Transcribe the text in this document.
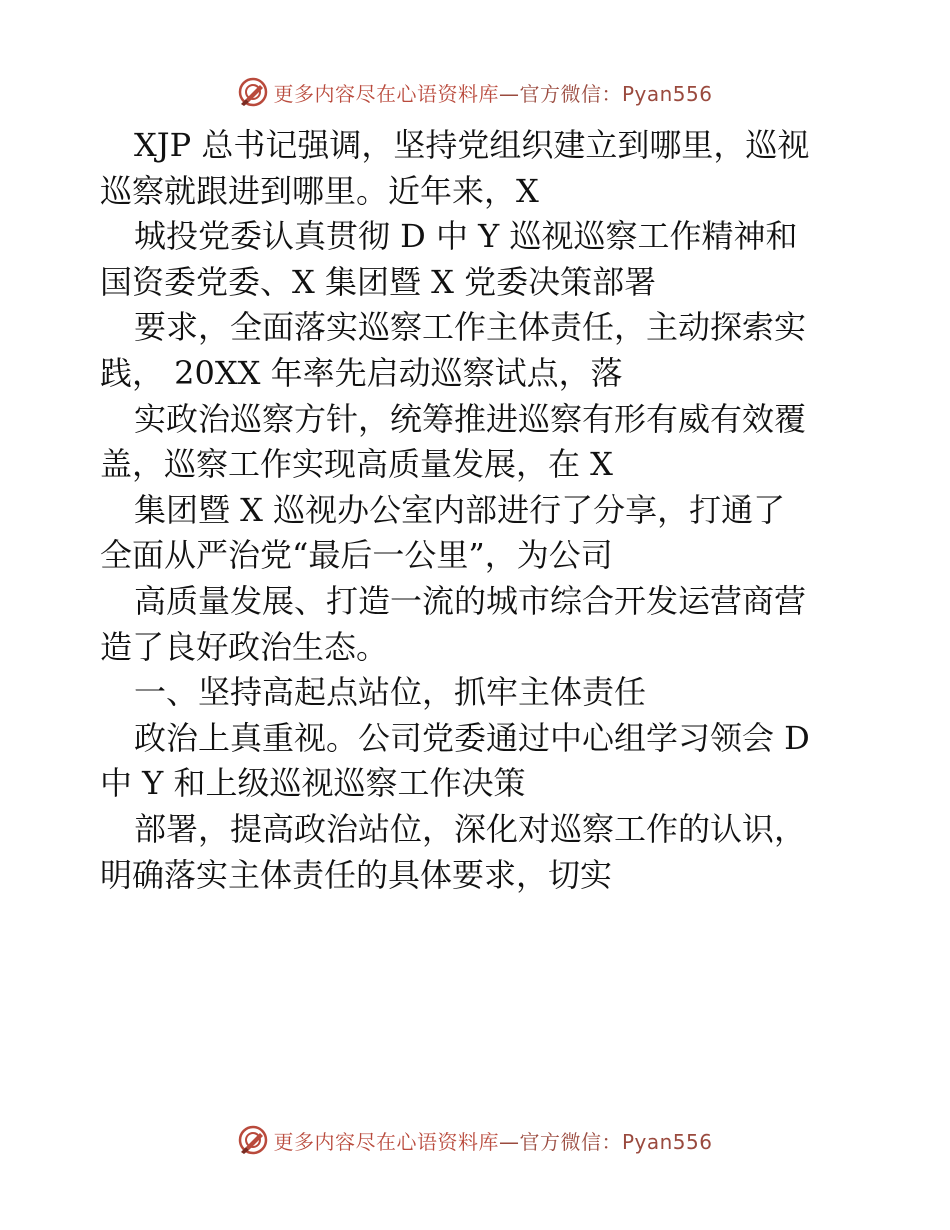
更多内容尽在心语资料库—官方微信：Pyan556
XJP 总书记强调，坚持党组织建立到哪里，巡视
巡察就跟进到哪里。近年来，X
城投党委认真贯彻 D 中 Y 巡视巡察工作精神和
国资委党委、X 集团暨 X 党委决策部署
要求，全面落实巡察工作主体责任，主动探索实
践， 20XX 年率先启动巡察试点，落
实政治巡察方针，统筹推进巡察有形有威有效覆
盖，巡察工作实现高质量发展，在 X
集团暨 X 巡视办公室内部进行了分享，打通了
全面从严治党“最后一公里”，为公司
高质量发展、打造一流的城市综合开发运营商营
造了良好政治生态。
一、坚持高起点站位，抓牢主体责任
政治上真重视。公司党委通过中心组学习领会 D
中 Y 和上级巡视巡察工作决策
部署，提高政治站位，深化对巡察工作的认识，
明确落实主体责任的具体要求，切实
更多内容尽在心语资料库—官方微信：Pyan556
